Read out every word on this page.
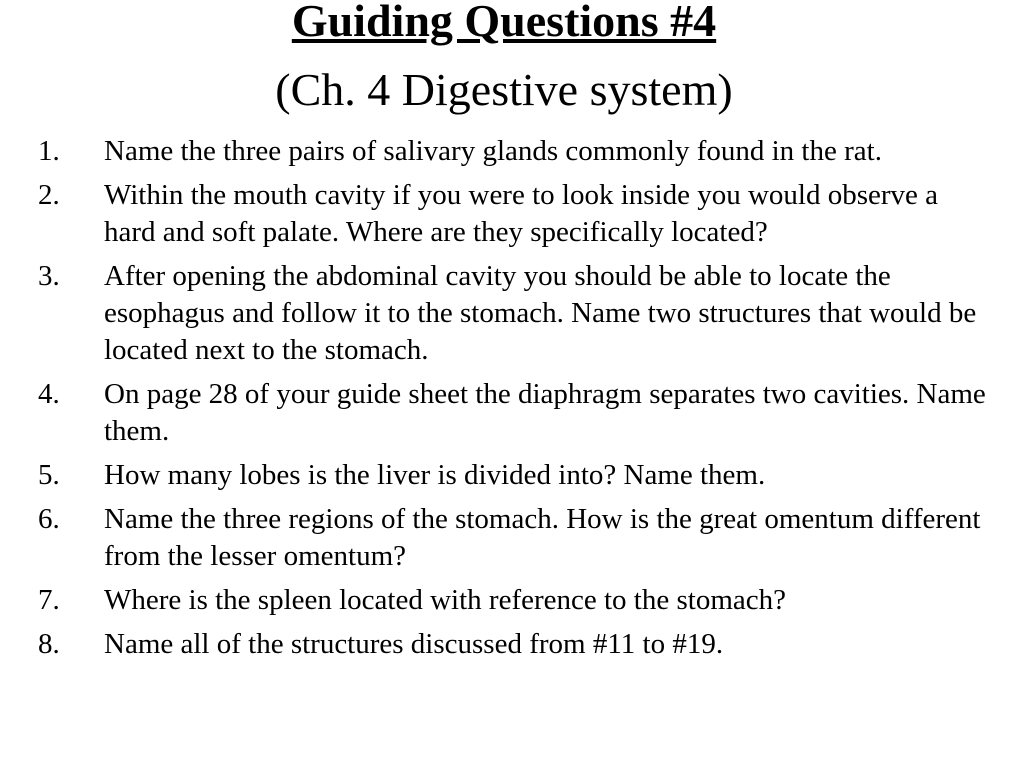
Guiding Questions #4
(Ch. 4 Digestive system)
1. Name the three pairs of salivary glands commonly found in the rat.
2. Within the mouth cavity if you were to look inside you would observe a hard and soft palate. Where are they specifically located?
3. After opening the abdominal cavity you should be able to locate the esophagus and follow it to the stomach. Name two structures that would be located next to the stomach.
4. On page 28 of your guide sheet the diaphragm separates two cavities. Name them.
5. How many lobes is the liver is divided into? Name them.
6. Name the three regions of the stomach. How is the great omentum different from the lesser omentum?
7. Where is the spleen located with reference to the stomach?
8. Name all of the structures discussed from #11 to #19.
